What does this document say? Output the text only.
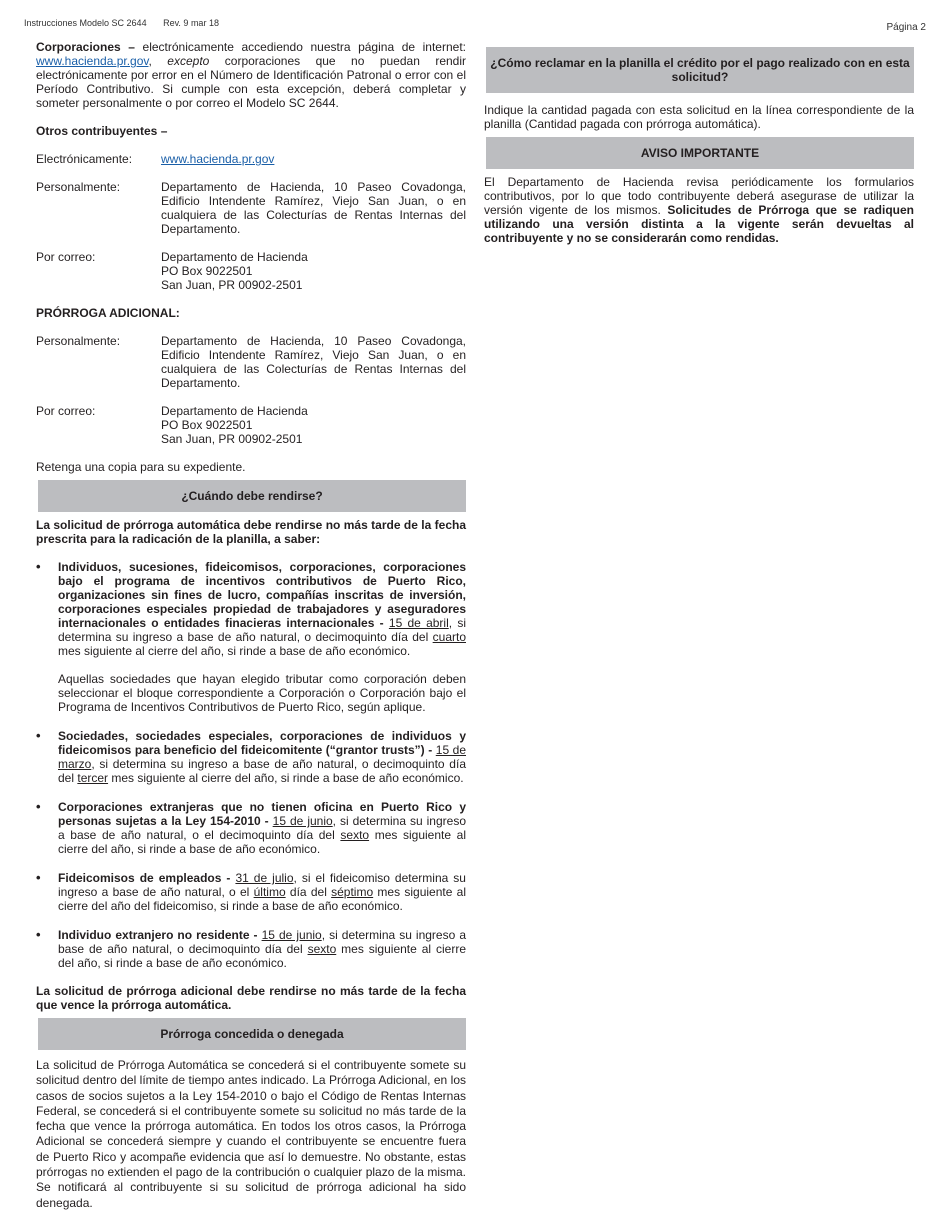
Instrucciones Modelo SC 2644 Rev. 9 mar 18	Página 2

Corporaciones – electrónicamente accediendo nuestra página de internet: www.hacienda.pr.gov, excepto corporaciones que no puedan rendir electrónicamente por error en el Número de Identificación Patronal o error con el Período Contributivo. Si cumple con esta excepción, deberá completar y someter personalmente o por correo el Modelo SC 2644.

Otros contribuyentes –

Electrónicamente:	www.hacienda.pr.gov
Personalmente:	Departamento de Hacienda, 10 Paseo Covadonga, Edificio Intendente Ramírez, Viejo San Juan, o en cualquiera de las Colecturías de Rentas Internas del Departamento.
Por correo:	Departamento de Hacienda
PO Box 9022501
San Juan, PR 00902-2501

PRÓRROGA ADICIONAL:

Personalmente:	Departamento de Hacienda, 10 Paseo Covadonga, Edificio Intendente Ramírez, Viejo San Juan, o en cualquiera de las Colecturías de Rentas Internas del Departamento.
Por correo:	Departamento de Hacienda
PO Box 9022501
San Juan, PR 00902-2501

Retenga una copia para su expediente.

¿Cuándo debe rendirse?

La solicitud de prórroga automática debe rendirse no más tarde de la fecha prescrita para la radicación de la planilla, a saber:

• Individuos, sucesiones, fideicomisos, corporaciones, corporaciones bajo el programa de incentivos contributivos de Puerto Rico, organizaciones sin fines de lucro, compañías inscritas de inversión, corporaciones especiales propiedad de trabajadores y aseguradores internacionales o entidades finacieras internacionales - 15 de abril, si determina su ingreso a base de año natural, o decimoquinto día del cuarto mes siguiente al cierre del año, si rinde a base de año económico.
Aquellas sociedades que hayan elegido tributar como corporación deben seleccionar el bloque correspondiente a Corporación o Corporación bajo el Programa de Incentivos Contributivos de Puerto Rico, según aplique.
• Sociedades, sociedades especiales, corporaciones de individuos y fideicomisos para beneficio del fideicomitente (“grantor trusts”) - 15 de marzo, si determina su ingreso a base de año natural, o decimoquinto día del tercer mes siguiente al cierre del año, si rinde a base de año económico.
• Corporaciones extranjeras que no tienen oficina en Puerto Rico y personas sujetas a la Ley 154-2010 - 15 de junio, si determina su ingreso a base de año natural, o el decimoquinto día del sexto mes siguiente al cierre del año, si rinde a base de año económico.
• Fideicomisos de empleados - 31 de julio, si el fideicomiso determina su ingreso a base de año natural, o el último día del séptimo mes siguiente al cierre del año del fideicomiso, si rinde a base de año económico.
• Individuo extranjero no residente - 15 de junio, si determina su ingreso a base de año natural, o decimoquinto día del sexto mes siguiente al cierre del año, si rinde a base de año económico.

La solicitud de prórroga adicional debe rendirse no más tarde de la fecha que vence la prórroga automática.

Prórroga concedida o denegada

La solicitud de Prórroga Automática se concederá si el contribuyente somete su solicitud dentro del límite de tiempo antes indicado. La Prórroga Adicional, en los casos de socios sujetos a la Ley 154-2010 o bajo el Código de Rentas Internas Federal, se concederá si el contribuyente somete su solicitud no más tarde de la fecha que vence la prórroga automática. En todos los otros casos, la Prórroga Adicional se concederá siempre y cuando el contribuyente se encuentre fuera de Puerto Rico y acompañe evidencia que así lo demuestre. No obstante, estas prórrogas no extienden el pago de la contribución o cualquier plazo de la misma. Se notificará al contribuyente si su solicitud de prórroga adicional ha sido denegada.

¿Cómo reclamar en la planilla el crédito por el pago realizado con en esta solicitud?

Indique la cantidad pagada con esta solicitud en la línea correspondiente de la planilla (Cantidad pagada con prórroga automática).

AVISO IMPORTANTE

El Departamento de Hacienda revisa periódicamente los formularios contributivos, por lo que todo contribuyente deberá asegurase de utilizar la versión vigente de los mismos. Solicitudes de Prórroga que se radiquen utilizando una versión distinta a la vigente serán devueltas al contribuyente y no se considerarán como rendidas.
